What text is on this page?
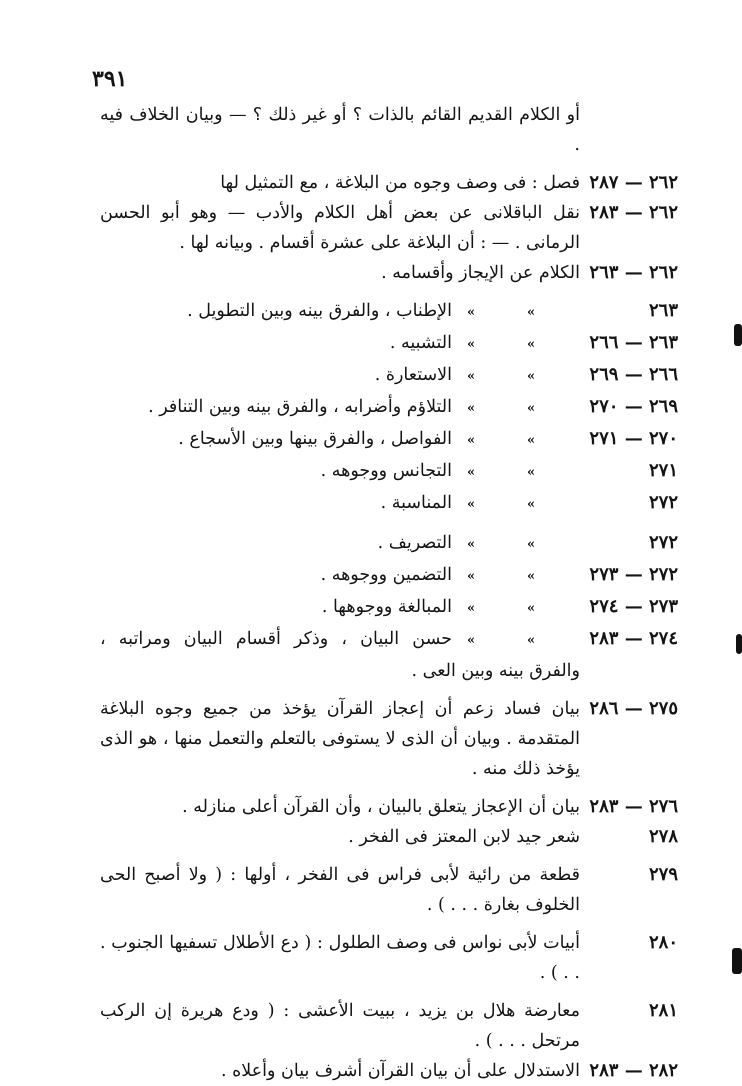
٣٩١
أو الكلام القديم القائم بالذات ؟ أو غير ذلك ؟ — وبيان الخلاف فيه .
٢٦٢ — ٢٨٧
فصل : فى وصف وجوه من البلاغة ، مع التمثيل لها
٢٦٢ — ٢٨٣
نقل الباقلانى عن بعض أهل الكلام والأدب — وهو أبو الحسن الرمانى . — : أن البلاغة على عشرة أقسام . وبيانه لها .
٢٦٢ — ٢٦٣
الكلام عن الإيجاز وأقسامه .
٢٦٣
»»الإطناب ، والفرق بينه وبين التطويل .
٢٦٣ — ٢٦٦
»»التشبيه .
٢٦٦ — ٢٦٩
»»الاستعارة .
٢٦٩ — ٢٧٠
»»التلاؤم وأضرابه ، والفرق بينه وبين التنافر .
٢٧٠ — ٢٧١
»»الفواصل ، والفرق بينها وبين الأسجاع .
٢٧١
»»التجانس ووجوهه .
٢٧٢
»»المناسبة .
٢٧٢
»»التصريف .
٢٧٢ — ٢٧٣
»»التضمين ووجوهه .
٢٧٣ — ٢٧٤
»»المبالغة ووجوهها .
٢٧٤ — ٢٨٣
»»حسن البيان ، وذكر أقسام البيان ومراتبه ، والفرق بينه وبين العى .
٢٧٥ — ٢٨٦
بيان فساد زعم أن إعجاز القرآن يؤخذ من جميع وجوه البلاغة المتقدمة . وبيان أن الذى لا يستوفى بالتعلم والتعمل منها ، هو الذى يؤخذ ذلك منه .
٢٧٦ — ٢٨٣
بيان أن الإعجاز يتعلق بالبيان ، وأن القرآن أعلى منازله .
٢٧٨
شعر جيد لابن المعتز فى الفخر .
٢٧٩
قطعة من رائية لأبى فراس فى الفخر ، أولها : ( ولا أصبح الحى الخلوف بغارة . . . ) .
٢٨٠
أبيات لأبى نواس فى وصف الطلول : ( دع الأطلال تسفيها الجنوب . . . ) .
٢٨١
معارضة هلال بن يزيد ، ببيت الأعشى : ( ودع هريرة إن الركب مرتحل . . . ) .
٢٨٢ — ٢٨٣
الاستدلال على أن بيان القرآن أشرف بيان وأعلاه .
